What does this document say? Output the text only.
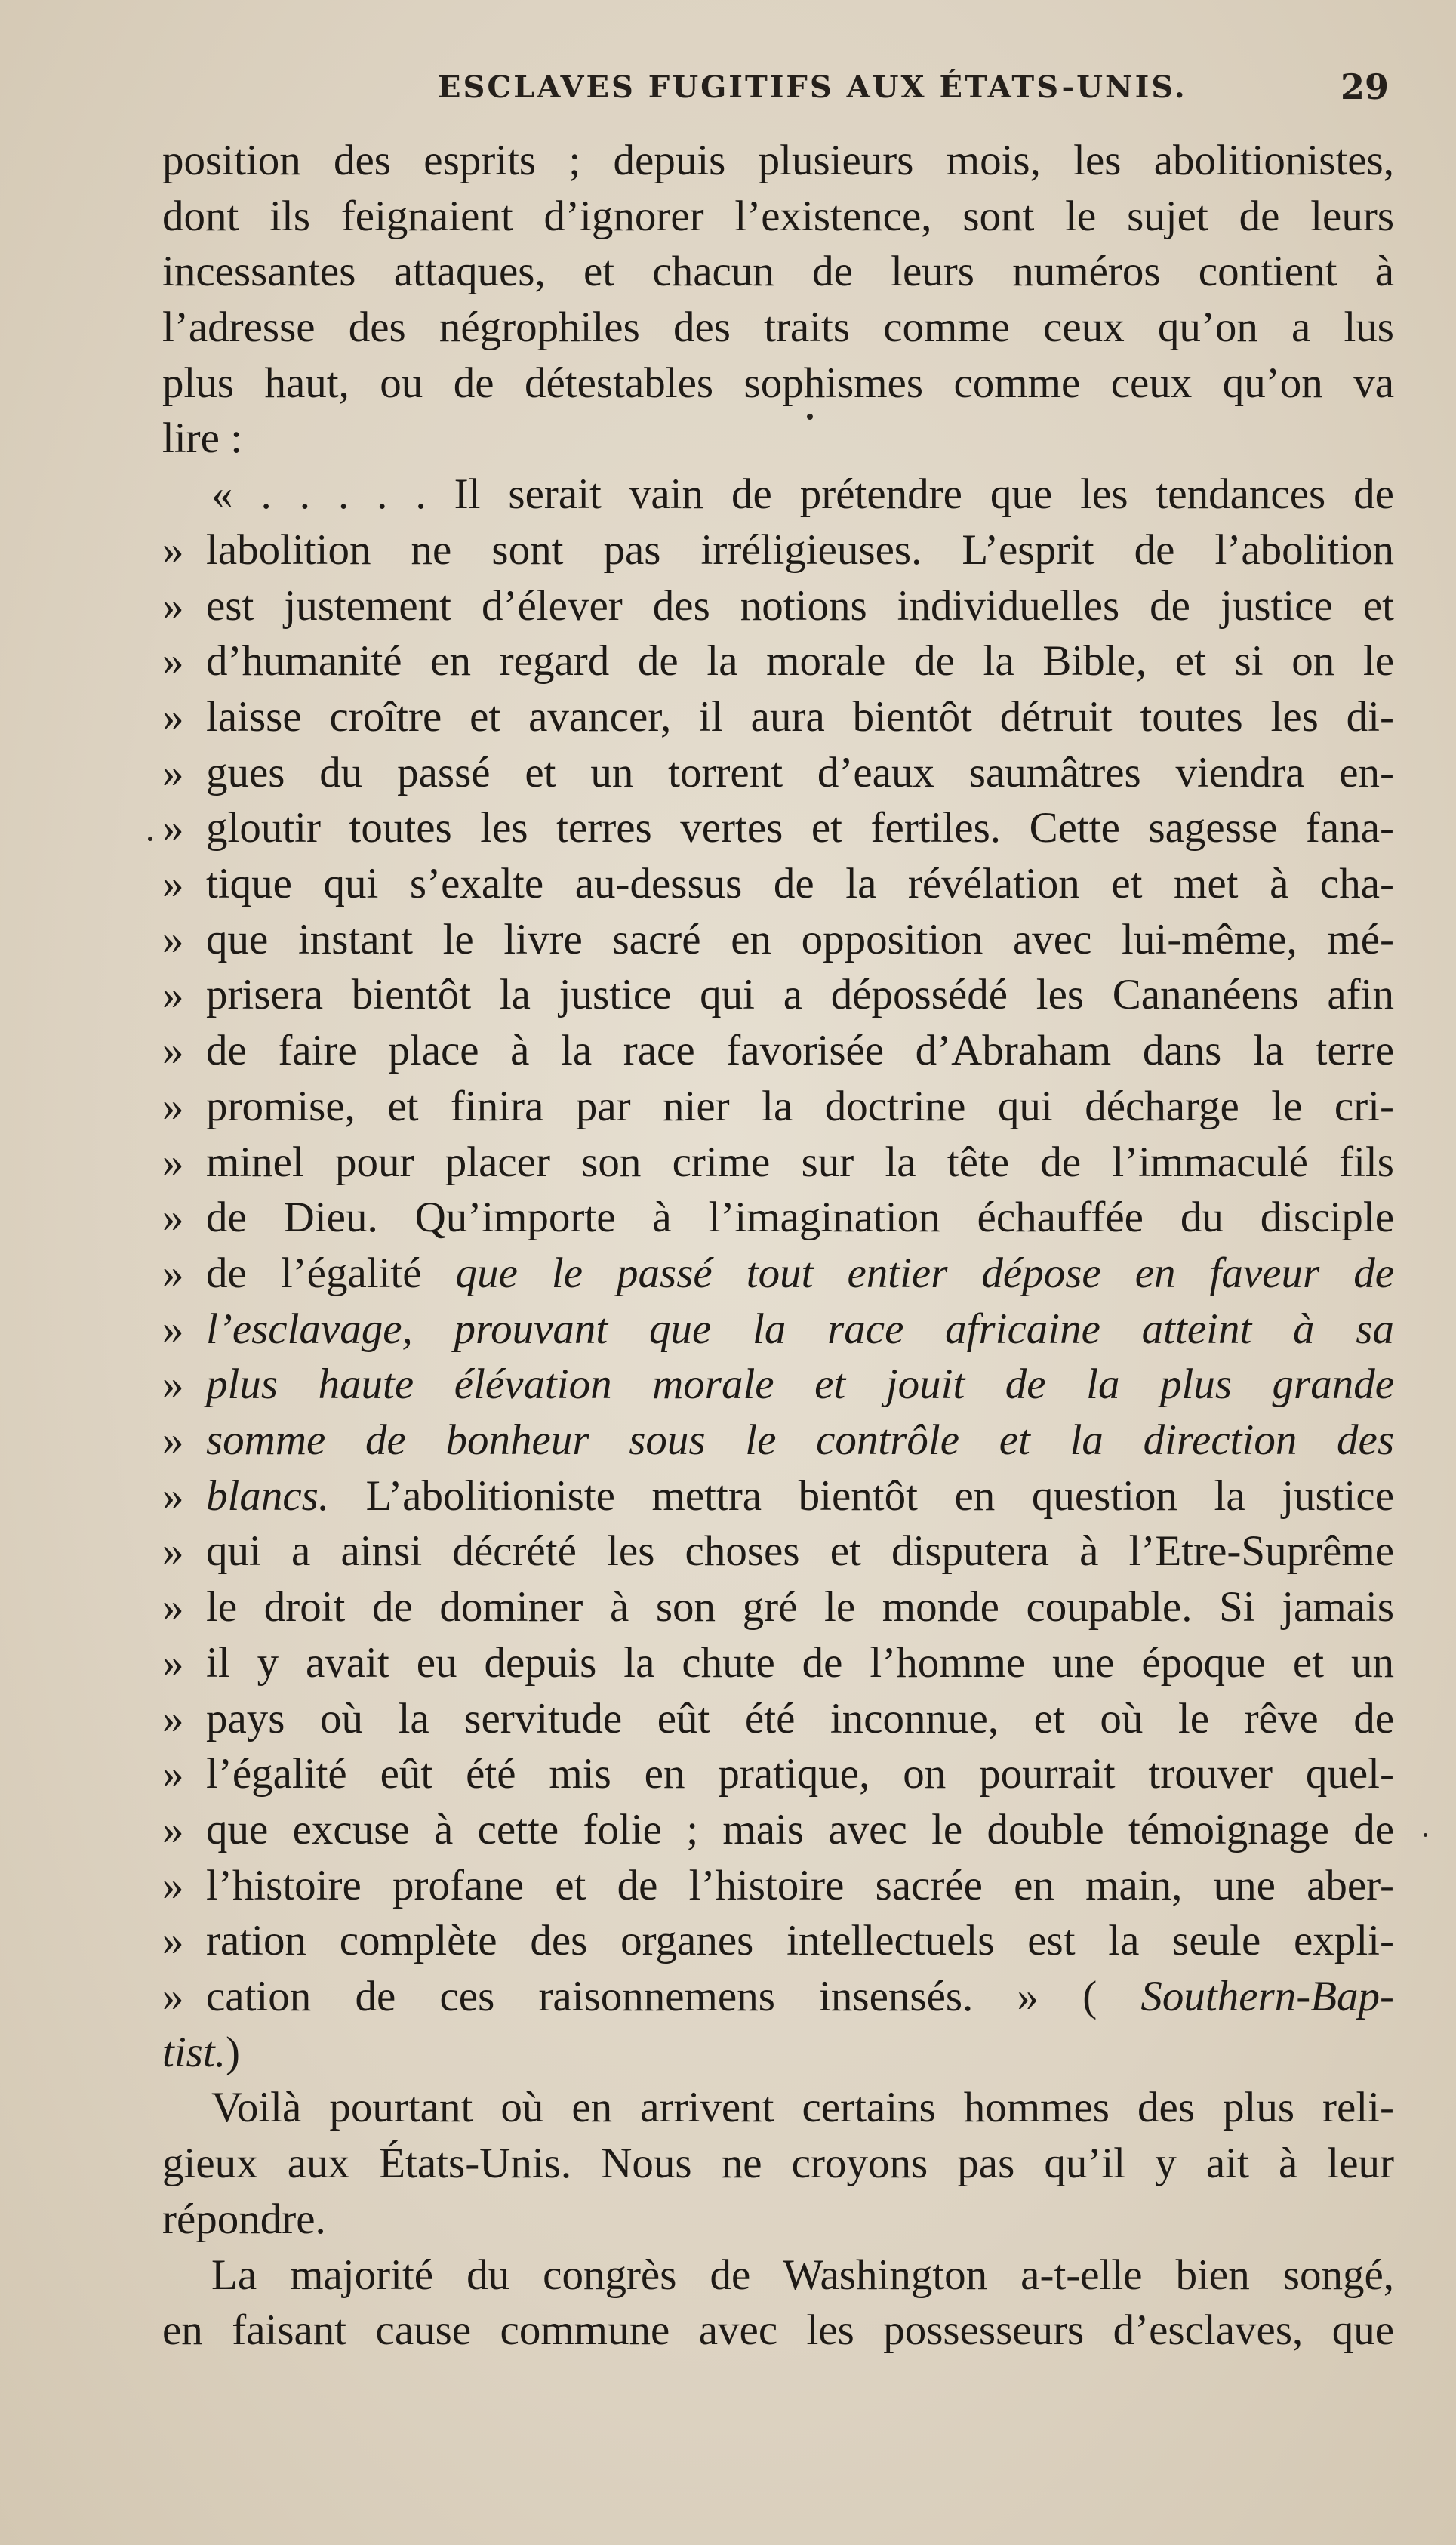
ESCLAVES FUGITIFS AUX ÉTATS-UNIS.	29
position des esprits ; depuis plusieurs mois, les abolitionistes,
dont ils feignaient d’ignorer l’existence, sont le sujet de leurs
incessantes attaques, et chacun de leurs numéros contient à
l’adresse des négrophiles des traits comme ceux qu’on a lus
plus haut, ou de détestables sophismes comme ceux qu’on va
lire :
« . . . . . Il serait vain de prétendre que les tendances de
» labolition ne sont pas irréligieuses. L’esprit de l’abolition
» est justement d’élever des notions individuelles de justice et
» d’humanité en regard de la morale de la Bible, et si on le
» laisse croître et avancer, il aura bientôt détruit toutes les di-
» gues du passé et un torrent d’eaux saumâtres viendra en-
» gloutir toutes les terres vertes et fertiles. Cette sagesse fana-
» tique qui s’exalte au-dessus de la révélation et met à cha-
» que instant le livre sacré en opposition avec lui-même, mé-
» prisera bientôt la justice qui a dépossédé les Cananéens afin
» de faire place à la race favorisée d’Abraham dans la terre
» promise, et finira par nier la doctrine qui décharge le cri-
» minel pour placer son crime sur la tête de l’immaculé fils
» de Dieu. Qu’importe à l’imagination échauffée du disciple
» de l’égalité que le passé tout entier dépose en faveur de
» l’esclavage, prouvant que la race africaine atteint à sa
» plus haute élévation morale et jouit de la plus grande
» somme de bonheur sous le contrôle et la direction des
» blancs. L’abolitioniste mettra bientôt en question la justice
» qui a ainsi décrété les choses et disputera à l’Etre-Suprême
» le droit de dominer à son gré le monde coupable. Si jamais
» il y avait eu depuis la chute de l’homme une époque et un
» pays où la servitude eût été inconnue, et où le rêve de
» l’égalité eût été mis en pratique, on pourrait trouver quel-
» que excuse à cette folie ; mais avec le double témoignage de
» l’histoire profane et de l’histoire sacrée en main, une aber-
» ration complète des organes intellectuels est la seule expli-
» cation de ces raisonnemens insensés. » ( Southern-Bap-
tist.)
Voilà pourtant où en arrivent certains hommes des plus reli-
gieux aux États-Unis. Nous ne croyons pas qu’il y ait à leur
répondre.
La majorité du congrès de Washington a-t-elle bien songé,
en faisant cause commune avec les possesseurs d’esclaves, que
